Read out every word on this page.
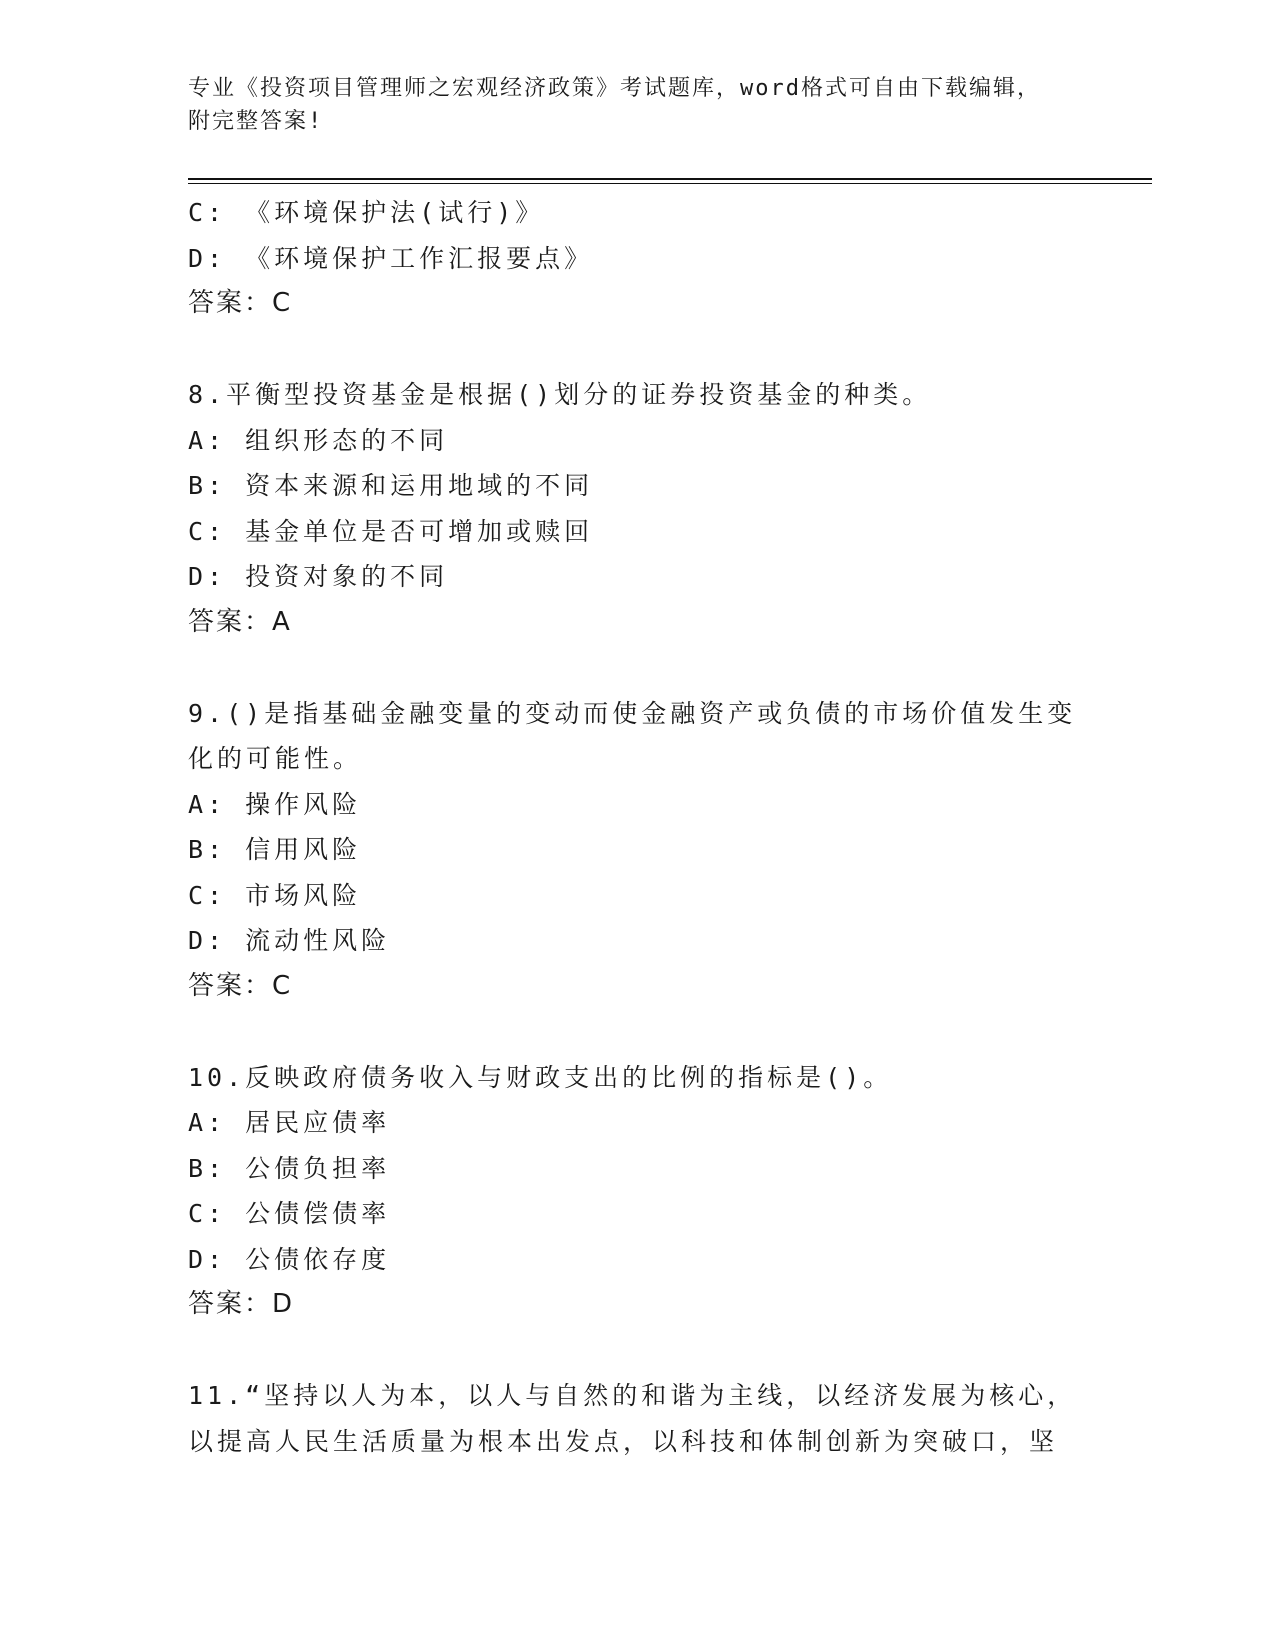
专业《投资项目管理师之宏观经济政策》考试题库，word格式可自由下载编辑，

附完整答案!

C: 《环境保护法(试行)》
D: 《环境保护工作汇报要点》
答案：C
8.平衡型投资基金是根据()划分的证券投资基金的种类。
A: 组织形态的不同
B: 资本来源和运用地域的不同
C: 基金单位是否可增加或赎回
D: 投资对象的不同
答案：A
9.()是指基础金融变量的变动而使金融资产或负债的市场价值发生变
化的可能性。
A: 操作风险
B: 信用风险
C: 市场风险
D: 流动性风险
答案：C
10.反映政府债务收入与财政支出的比例的指标是()。
A: 居民应债率
B: 公债负担率
C: 公债偿债率
D: 公债依存度
答案：D
11.“坚持以人为本，以人与自然的和谐为主线，以经济发展为核心，
以提高人民生活质量为根本出发点，以科技和体制创新为突破口，坚
